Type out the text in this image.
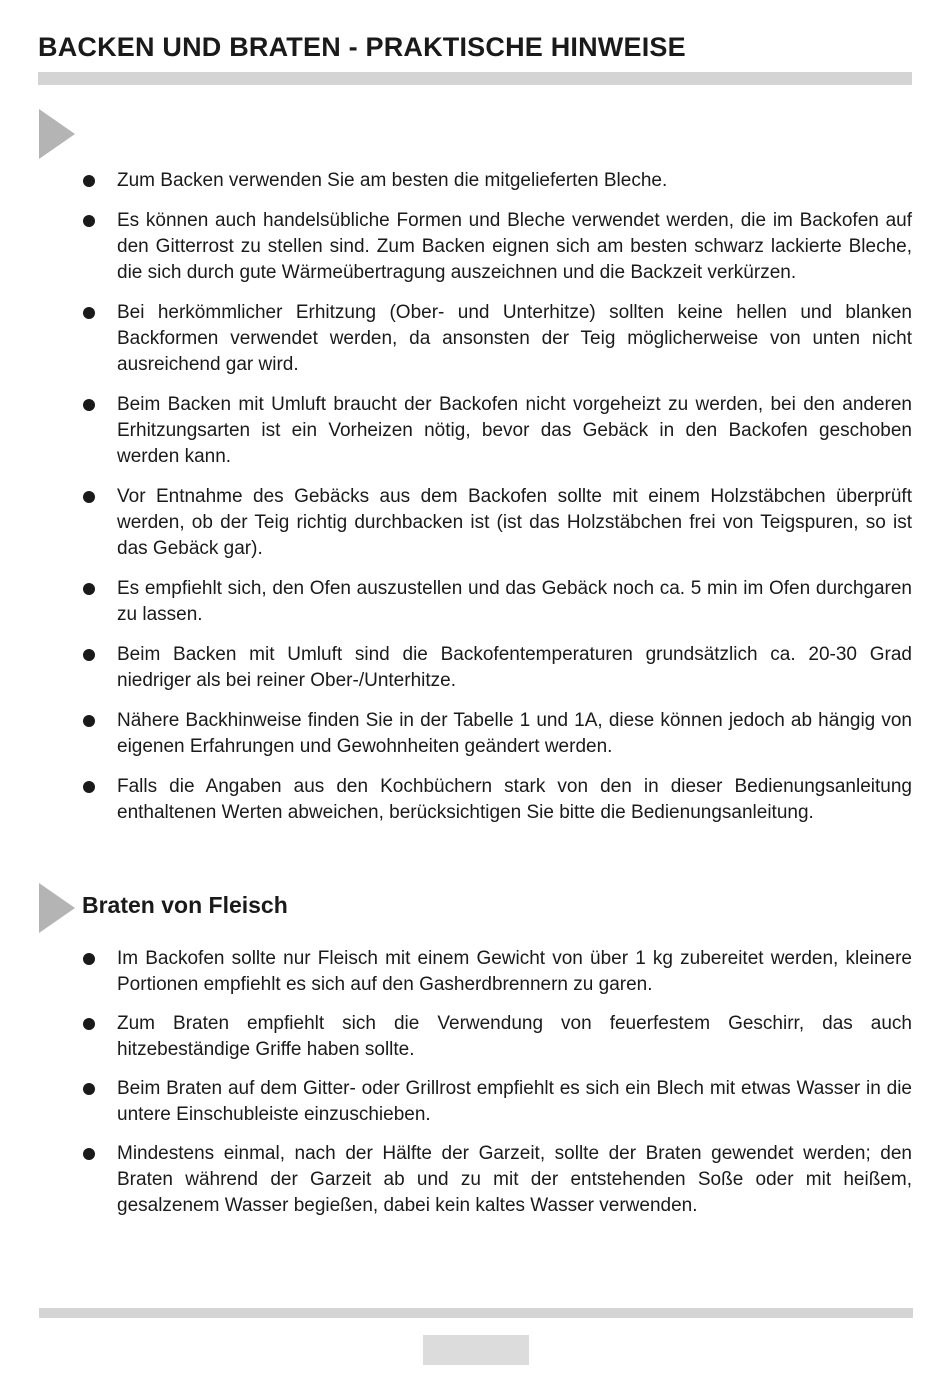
BACKEN UND BRATEN - PRAKTISCHE HINWEISE
Zum Backen verwenden Sie am besten die mitgelieferten Bleche.
Es können auch handelsübliche Formen und Bleche verwendet werden, die im Backofen auf den Gitterrost zu stellen sind. Zum Backen eignen sich am besten schwarz lackierte Bleche, die sich durch gute Wärmeübertragung auszeichnen und die Backzeit verkürzen.
Bei herkömmlicher Erhitzung (Ober- und Unterhitze) sollten keine hellen und blanken Backformen verwendet werden, da ansonsten der Teig möglicherweise von unten nicht ausreichend gar wird.
Beim Backen mit Umluft braucht der Backofen nicht vorgeheizt zu werden, bei den anderen Erhitzungsarten ist ein Vorheizen nötig, bevor das Gebäck in den Backofen geschoben werden kann.
Vor Entnahme des Gebäcks aus dem Backofen sollte mit einem Holzstäbchen überprüft werden, ob der Teig richtig durchbacken ist (ist das Holzstäbchen frei von Teigspuren, so ist das Gebäck gar).
Es empfiehlt sich, den Ofen auszustellen und das Gebäck noch ca. 5 min im Ofen durchgaren zu lassen.
Beim Backen mit Umluft sind die Backofentemperaturen grundsätzlich ca. 20-30 Grad niedriger als bei reiner Ober-/Unterhitze.
Nähere Backhinweise finden Sie in der Tabelle 1 und 1A, diese können jedoch ab hängig von eigenen Erfahrungen und Gewohnheiten geändert werden.
Falls die Angaben aus den Kochbüchern stark von den in dieser Bedienungsanleitung enthaltenen Werten abweichen, berücksichtigen Sie bitte die Bedienungsanleitung.
Braten von Fleisch
Im Backofen sollte nur Fleisch mit einem Gewicht von über 1 kg zubereitet werden, kleinere Portionen empfiehlt es sich auf den Gasherdbrennern zu garen.
Zum Braten empfiehlt sich die Verwendung von feuerfestem Geschirr, das auch hitzebeständige Griffe haben sollte.
Beim Braten auf dem Gitter- oder Grillrost empfiehlt es sich ein Blech mit etwas Wasser in die untere Einschubleiste einzuschieben.
Mindestens einmal, nach der Hälfte der Garzeit, sollte der Braten gewendet werden; den Braten während der Garzeit ab und zu mit der entstehenden Soße oder mit heißem, gesalzenem Wasser begießen, dabei kein kaltes Wasser verwenden.
